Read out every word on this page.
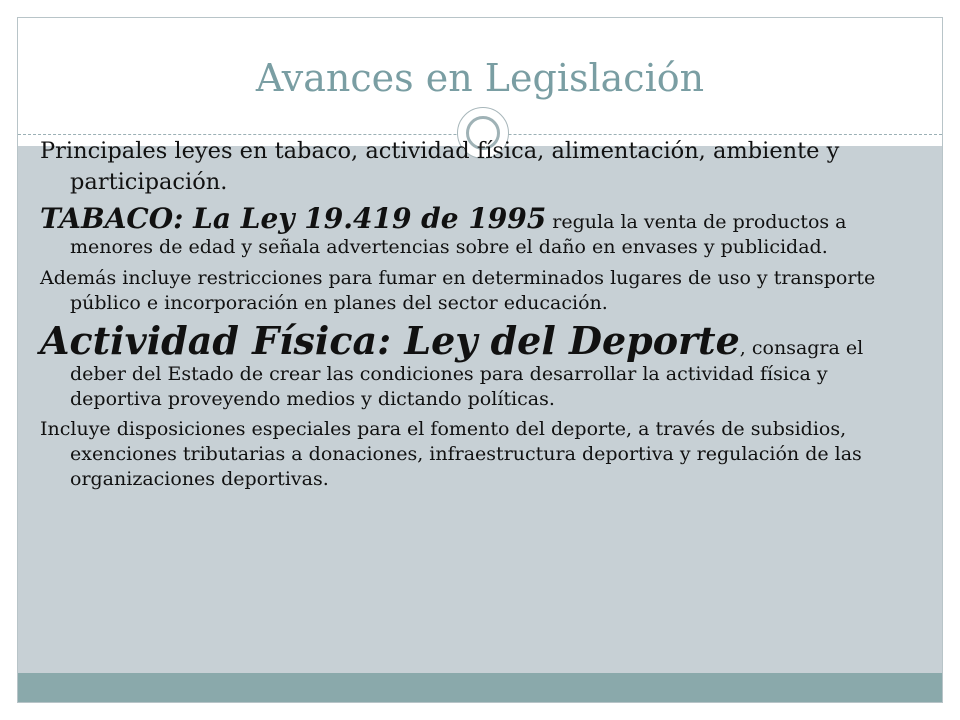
Avances en Legislación

Principales leyes en tabaco, actividad física, alimentación, ambiente y participación.

TABACO: La Ley 19.419 de 1995 regula la venta de productos a menores de edad y señala advertencias sobre el daño en envases y publicidad.

Además incluye restricciones para fumar en determinados lugares de uso y transporte público e incorporación en planes del sector educación.

Actividad Física: Ley del Deporte, consagra el deber del Estado de crear las condiciones para desarrollar la actividad física y deportiva proveyendo medios y dictando políticas.

Incluye disposiciones especiales para el fomento del deporte, a través de subsidios, exenciones tributarias a donaciones, infraestructura deportiva y regulación de las organizaciones deportivas.
